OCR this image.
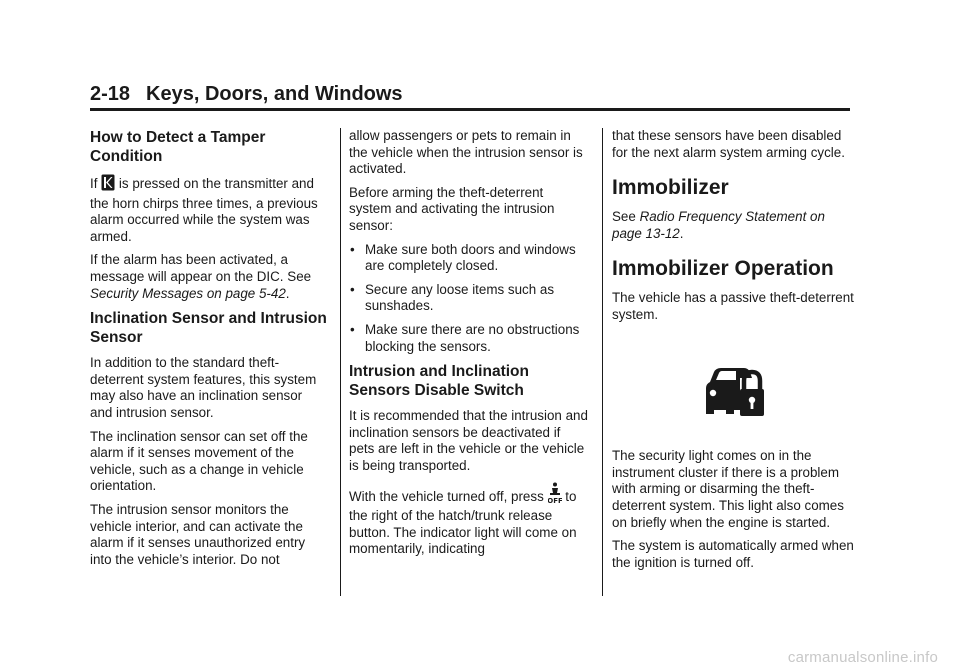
2-18 Keys, Doors, and Windows
How to Detect a Tamper Condition

If is pressed on the transmitter and the horn chirps three times, a previous alarm occurred while the system was armed.

If the alarm has been activated, a message will appear on the DIC. See Security Messages on page 5-42.

Inclination Sensor and Intrusion Sensor

In addition to the standard theft-deterrent system features, this system may also have an inclination sensor and intrusion sensor.

The inclination sensor can set off the alarm if it senses movement of the vehicle, such as a change in vehicle orientation.

The intrusion sensor monitors the vehicle interior, and can activate the alarm if it senses unauthorized entry into the vehicle’s interior. Do not

allow passengers or pets to remain in the vehicle when the intrusion sensor is activated.

Before arming the theft-deterrent system and activating the intrusion sensor:

• Make sure both doors and windows are completely closed.
• Secure any loose items such as sunshades.
• Make sure there are no obstructions blocking the sensors.
Intrusion and Inclination Sensors Disable Switch

It is recommended that the intrusion and inclination sensors be deactivated if pets are left in the vehicle or the vehicle is being transported.

With the vehicle turned off, press OFF to the right of the hatch/trunk release button. The indicator light will come on momentarily, indicating

that these sensors have been disabled for the next alarm system arming cycle.

Immobilizer

See Radio Frequency Statement on page 13-12.

Immobilizer Operation

The vehicle has a passive theft-deterrent system.

The security light comes on in the instrument cluster if there is a problem with arming or disarming the theft-deterrent system. This light also comes on briefly when the engine is started.

The system is automatically armed when the ignition is turned off.

carmanualsonline.info
